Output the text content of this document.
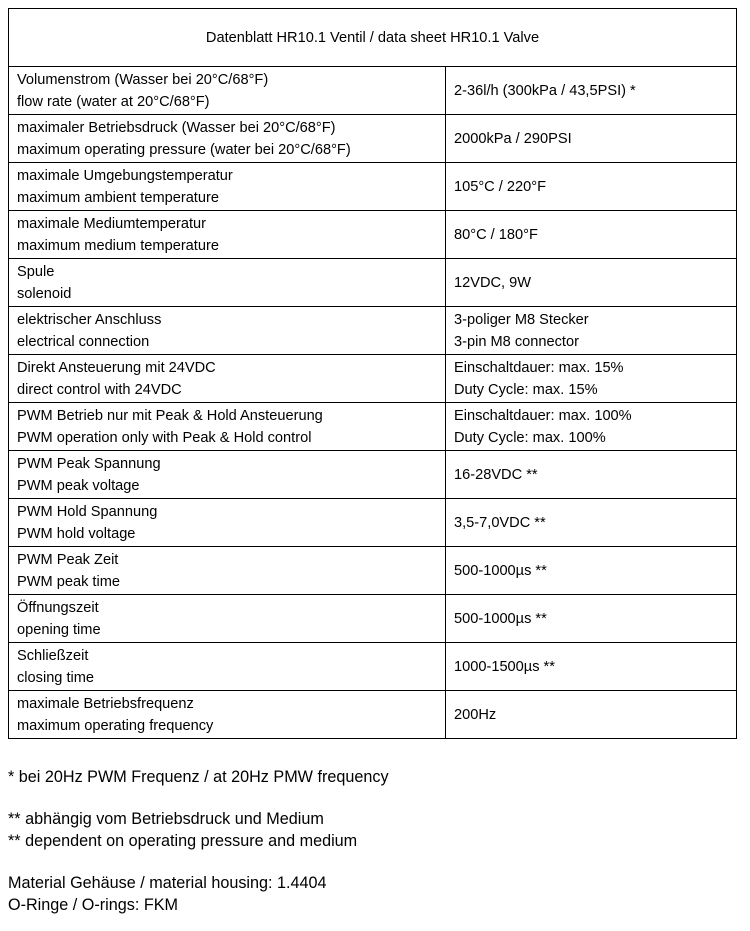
Datenblatt HR10.1 Ventil / data sheet HR10.1 Valve	

Volumenstrom (Wasser bei 20°C/68°F)
flow rate (water at 20°C/68°F)	2-36l/h (300kPa / 43,5PSI) *

maximaler Betriebsdruck (Wasser bei 20°C/68°F)
maximum operating pressure (water bei 20°C/68°F)	2000kPa / 290PSI

maximale Umgebungstemperatur
maximum ambient temperature	105°C / 220°F

maximale Mediumtemperatur
maximum medium temperature	80°C / 180°F

Spule
solenoid	12VDC, 9W

elektrischer Anschluss
electrical connection	3-poliger M8 Stecker
3-pin M8 connector

Direkt Ansteuerung mit 24VDC
direct control with 24VDC	Einschaltdauer: max. 15%
Duty Cycle: max. 15%

PWM Betrieb nur mit Peak & Hold Ansteuerung
PWM operation only with Peak & Hold control	Einschaltdauer: max. 100%
Duty Cycle: max. 100%

PWM Peak Spannung
PWM peak voltage	16-28VDC **

PWM Hold Spannung
PWM hold voltage	3,5-7,0VDC **

PWM Peak Zeit
PWM peak time	500-1000µs **

Öffnungszeit
opening time	500-1000µs **

Schließzeit
closing time	1000-1500µs **

maximale Betriebsfrequenz
maximum operating frequency	200Hz
* bei 20Hz PWM Frequenz / at 20Hz PMW frequency
** abhängig vom Betriebsdruck und Medium
** dependent on operating pressure and medium
Material Gehäuse / material housing: 1.4404
O-Ringe / O-rings: FKM
